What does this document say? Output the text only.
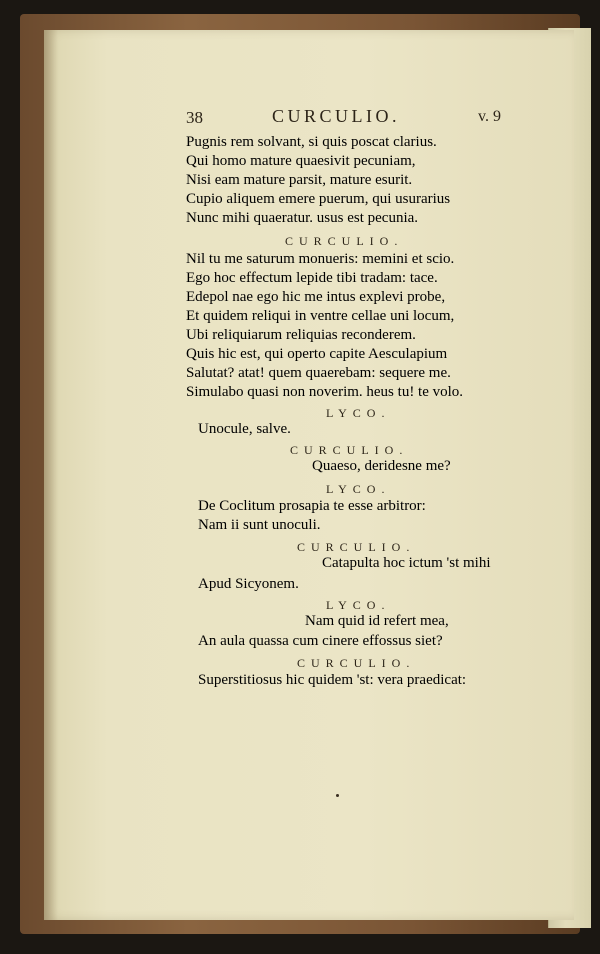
38	CURCULIO.	v. 9
Pugnis rem solvant, si quis poscat clarius.
Qui homo mature quaesivit pecuniam,
Nisi eam mature parsit, mature esurit.
Cupio aliquem emere puerum, qui usurarius
Nunc mihi quaeratur. usus est pecunia.
CURCULIO.
Nil tu me saturum monueris: memini et scio.
Ego hoc effectum lepide tibi tradam: tace.
Edepol nae ego hic me intus explevi probe,
Et quidem reliqui in ventre cellae uni locum,
Ubi reliquiarum reliquias reconderem.
Quis hic est, qui operto capite Aesculapium
Salutat? atat! quem quaerebam: sequere me.
Simulabo quasi non noverim. heus tu! te volo.
LYCO.
Unocule, salve.
CURCULIO.
Quaeso, deridesne me?
LYCO.
De Coclitum prosapia te esse arbitror:
Nam ii sunt unoculi.
CURCULIO.
Catapulta hoc ictum 'st mihi
Apud Sicyonem.
LYCO.
Nam quid id refert mea,
An aula quassa cum cinere effossus siet?
CURCULIO.
Superstitiosus hic quidem 'st: vera praedicat:
